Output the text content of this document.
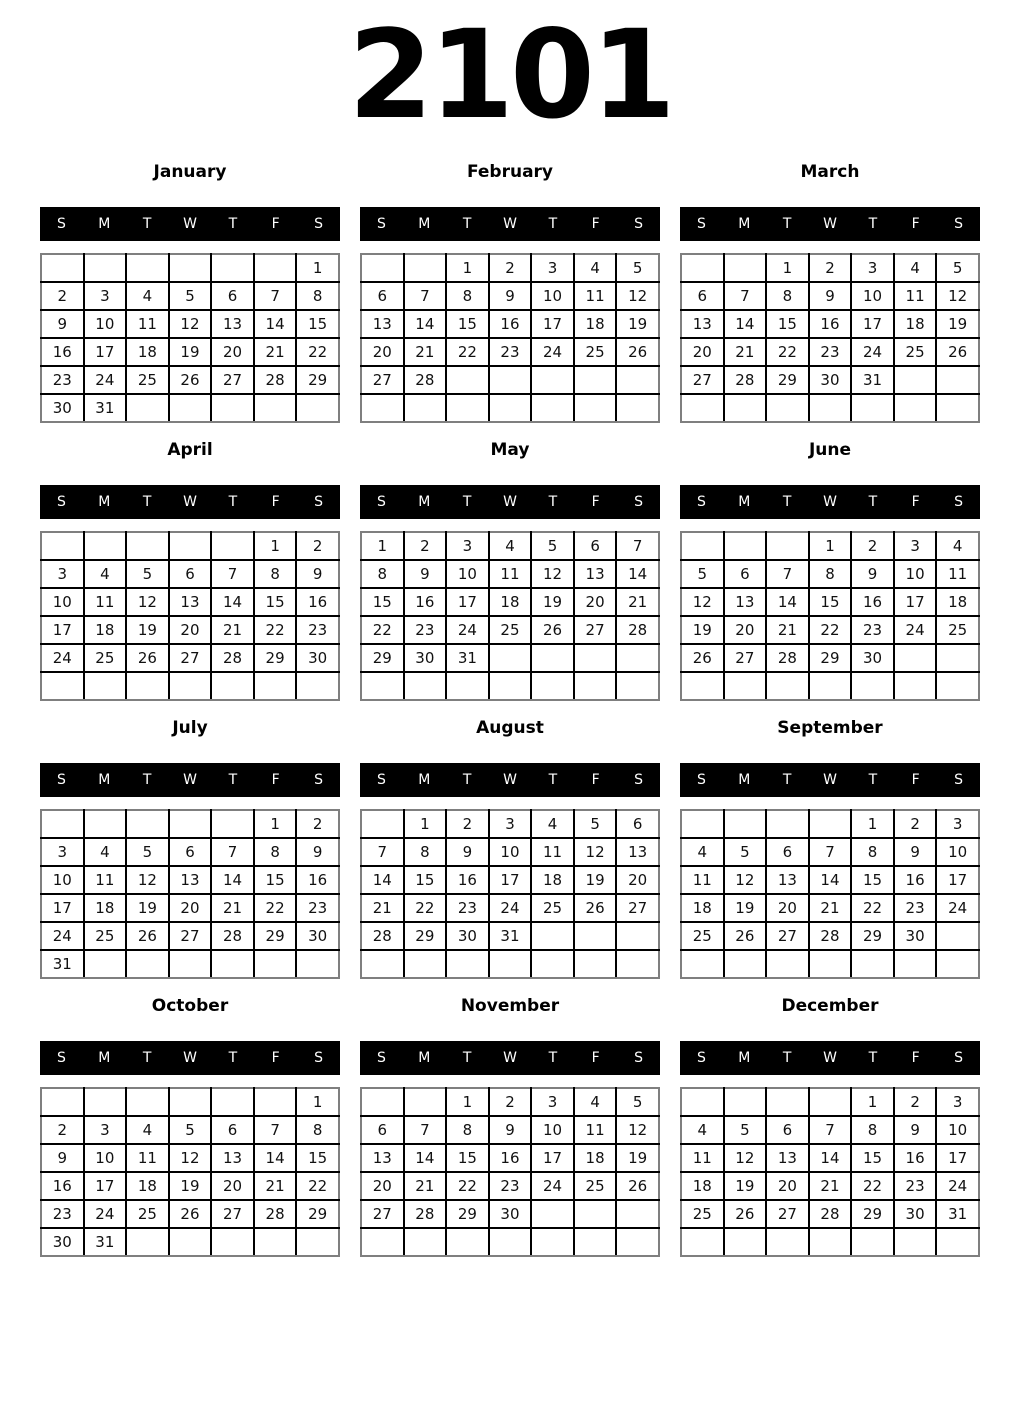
2101
January
S	M	T	W	T	F	S
						1
2	3	4	5	6	7	8
9	10	11	12	13	14	15
16	17	18	19	20	21	22
23	24	25	26	27	28	29
30	31					
February
S	M	T	W	T	F	S
		1	2	3	4	5
6	7	8	9	10	11	12
13	14	15	16	17	18	19
20	21	22	23	24	25	26
27	28					

March
S	M	T	W	T	F	S
		1	2	3	4	5
6	7	8	9	10	11	12
13	14	15	16	17	18	19
20	21	22	23	24	25	26
27	28	29	30	31		

April
S	M	T	W	T	F	S
					1	2
3	4	5	6	7	8	9
10	11	12	13	14	15	16
17	18	19	20	21	22	23
24	25	26	27	28	29	30

May
S	M	T	W	T	F	S
1	2	3	4	5	6	7
8	9	10	11	12	13	14
15	16	17	18	19	20	21
22	23	24	25	26	27	28
29	30	31				

June
S	M	T	W	T	F	S
			1	2	3	4
5	6	7	8	9	10	11
12	13	14	15	16	17	18
19	20	21	22	23	24	25
26	27	28	29	30		

July
S	M	T	W	T	F	S
					1	2
3	4	5	6	7	8	9
10	11	12	13	14	15	16
17	18	19	20	21	22	23
24	25	26	27	28	29	30
31						
August
S	M	T	W	T	F	S
	1	2	3	4	5	6
7	8	9	10	11	12	13
14	15	16	17	18	19	20
21	22	23	24	25	26	27
28	29	30	31			

September
S	M	T	W	T	F	S
				1	2	3
4	5	6	7	8	9	10
11	12	13	14	15	16	17
18	19	20	21	22	23	24
25	26	27	28	29	30	

October
S	M	T	W	T	F	S
						1
2	3	4	5	6	7	8
9	10	11	12	13	14	15
16	17	18	19	20	21	22
23	24	25	26	27	28	29
30	31					
November
S	M	T	W	T	F	S
		1	2	3	4	5
6	7	8	9	10	11	12
13	14	15	16	17	18	19
20	21	22	23	24	25	26
27	28	29	30			

December
S	M	T	W	T	F	S
				1	2	3
4	5	6	7	8	9	10
11	12	13	14	15	16	17
18	19	20	21	22	23	24
25	26	27	28	29	30	31
